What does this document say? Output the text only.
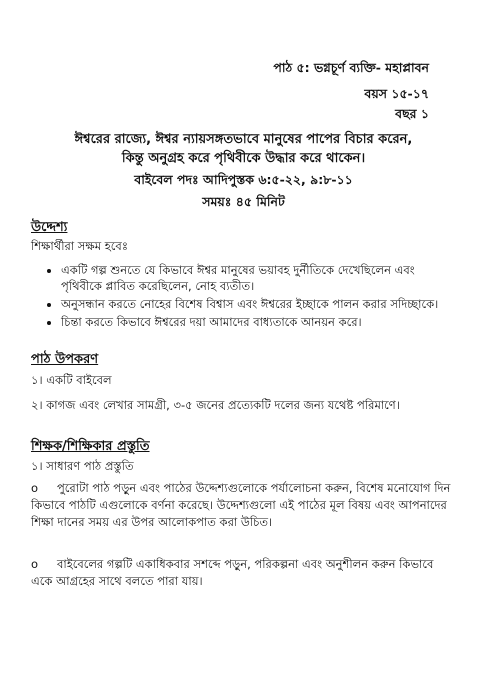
পাঠ ৫: ভগ্নচূর্ণ ব্যক্তি- মহাপ্লাবন
বয়স ১৫-১৭
বছর ১
ঈশ্বরের রাজ্যে, ঈশ্বর ন্যায়সঙ্গতভাবে মানুষের পাপের বিচার করেন,
কিন্তু অনুগ্রহ করে পৃথিবীকে উদ্ধার করে থাকেন।
বাইবেল পদঃ আদিপুস্তক ৬:৫-২২, ৯:৮-১১
সময়ঃ ৪৫ মিনিট
উদ্দেশ্য
শিক্ষার্থীরা সক্ষম হবেঃ
• একটি গল্প শুনতে যে কিভাবে ঈশ্বর মানুষের ভয়াবহ দুর্নীতিকে দেখেছিলেন এবং পৃথিবীকে প্লাবিত করেছিলেন, নোহ ব্যতীত।
• অনুসন্ধান করতে নোহের বিশেষ বিশ্বাস এবং ঈশ্বরের ইচ্ছাকে পালন করার সদিচ্ছাকে।
• চিন্তা করতে কিভাবে ঈশ্বরের দয়া আমাদের বাধ্যতাকে আনয়ন করে।
পাঠ উপকরণ
১। একটি বাইবেল
২। কাগজ এবং লেখার সামগ্রী, ৩-৫ জনের প্রত্যেকটি দলের জন্য যথেষ্ট পরিমাণে।
শিক্ষক/শিক্ষিকার প্রস্তুতি
১। সাধারণ পাঠ প্রস্তুতি
o পুরোটা পাঠ পড়ুন এবং পাঠের উদ্দেশ্যগুলোকে পর্যালোচনা করুন, বিশেষ মনোযোগ দিন কিভাবে পাঠটি এগুলোকে বর্ণনা করেছে। উদ্দেশ্যগুলো এই পাঠের মূল বিষয় এবং আপনাদের শিক্ষা দানের সময় এর উপর আলোকপাত করা উচিত।
o বাইবেলের গল্পটি একাধিকবার সশব্দে পড়ুন, পরিকল্পনা এবং অনুশীলন করুন কিভাবে একে আগ্রহের সাথে বলতে পারা যায়।
